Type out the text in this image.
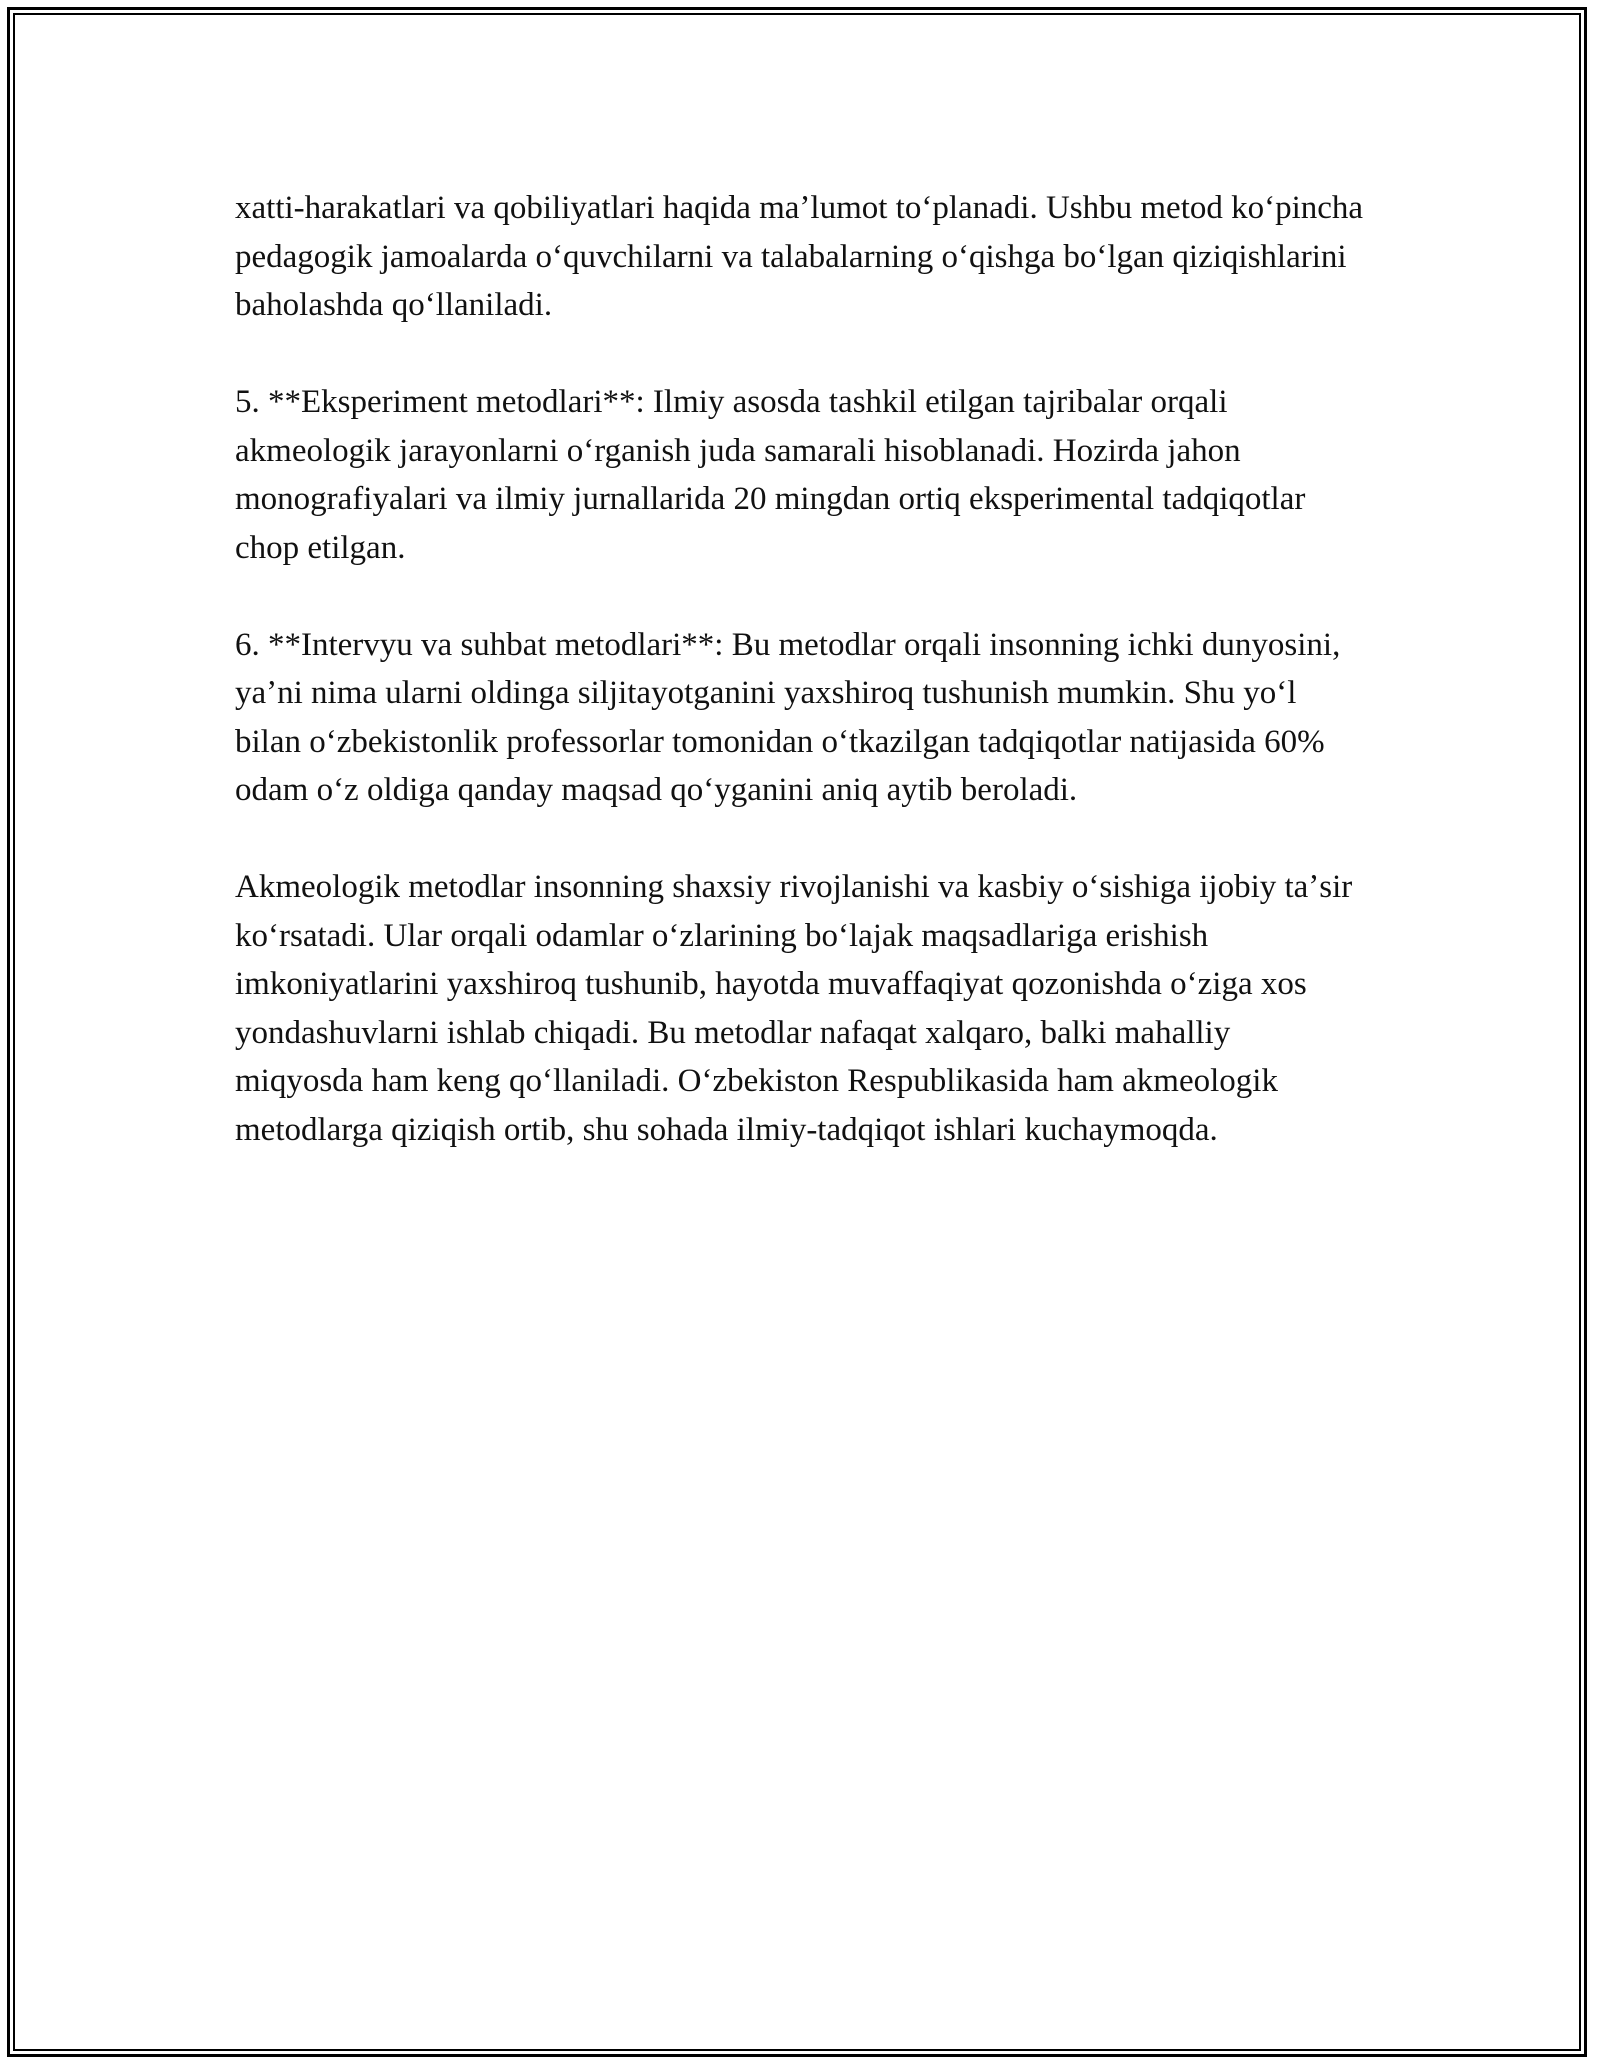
xatti-harakatlari va qobiliyatlari haqida maʼlumot toʻplanadi. Ushbu metod koʻpincha pedagogik jamoalarda oʻquvchilarni va talabalarning oʻqishga boʻlgan qiziqishlarini baholashda qoʻllaniladi.

5. **Eksperiment metodlari**: Ilmiy asosda tashkil etilgan tajribalar orqali akmeologik jarayonlarni oʻrganish juda samarali hisoblanadi. Hozirda jahon monografiyalari va ilmiy jurnallarida 20 mingdan ortiq eksperimental tadqiqotlar chop etilgan.

6. **Intervyu va suhbat metodlari**: Bu metodlar orqali insonning ichki dunyosini, yaʼni nima ularni oldinga siljitayotganini yaxshiroq tushunish mumkin. Shu yoʻl bilan oʻzbekistonlik professorlar tomonidan oʻtkazilgan tadqiqotlar natijasida 60% odam oʻz oldiga qanday maqsad qoʻyganini aniq aytib beroladi.

Akmeologik metodlar insonning shaxsiy rivojlanishi va kasbiy oʻsishiga ijobiy taʼsir koʻrsatadi. Ular orqali odamlar oʻzlarining boʻlajak maqsadlariga erishish imkoniyatlarini yaxshiroq tushunib, hayotda muvaffaqiyat qozonishda oʻziga xos yondashuvlarni ishlab chiqadi. Bu metodlar nafaqat xalqaro, balki mahalliy miqyosda ham keng qoʻllaniladi. Oʻzbekiston Respublikasida ham akmeologik metodlarga qiziqish ortib, shu sohada ilmiy-tadqiqot ishlari kuchaymoqda.
